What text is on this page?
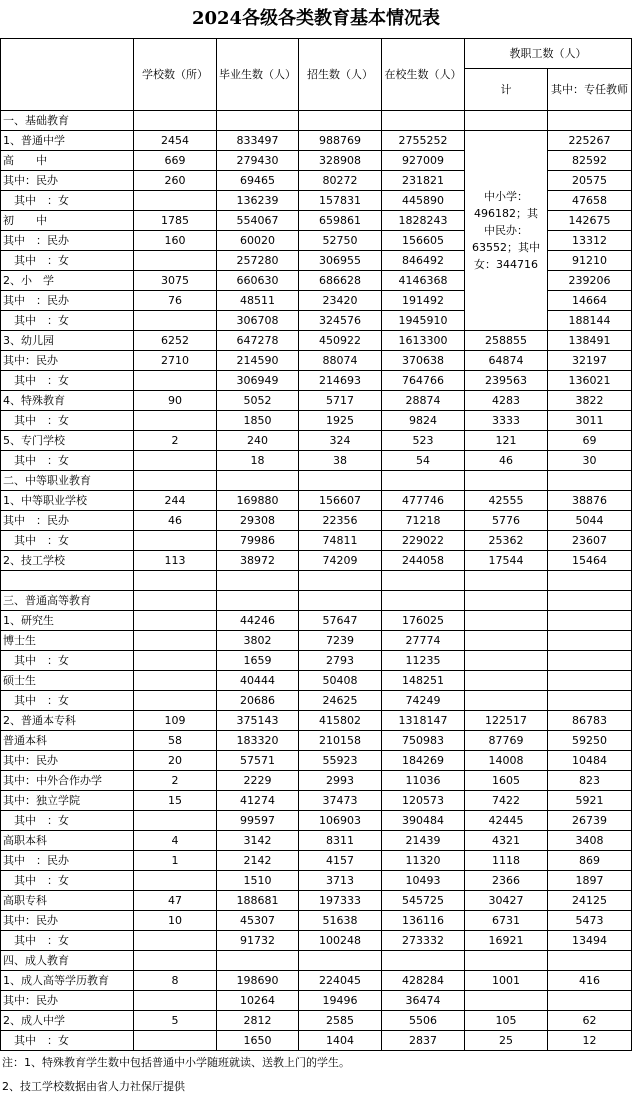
2024各级各类教育基本情况表
	学校数（所）	毕业生数（人）	招生数（人）	在校生数（人）	教职工数（人）	
					计	其中：专任教师
一、基础教育						
1、普通中学	2454	833497	988769	2755252	中小学：496182；其中民办：63552；其中女：344716	225267
高　　中	669	279430	328908	927009		82592
其中：民办	260	69465	80272	231821		20575
　其中　：女		136239	157831	445890		47658
初　　中	1785	554067	659861	1828243		142675
其中　：民办	160	60020	52750	156605		13312
　其中　：女		257280	306955	846492		91210
2、小　学	3075	660630	686628	4146368		239206
其中　：民办	76	48511	23420	191492		14664
　其中　：女		306708	324576	1945910		188144
3、幼儿园	6252	647278	450922	1613300	258855	138491
其中：民办	2710	214590	88074	370638	64874	32197
　其中　：女		306949	214693	764766	239563	136021
4、特殊教育	90	5052	5717	28874	4283	3822
　其中　：女		1850	1925	9824	3333	3011
5、专门学校	2	240	324	523	121	69
　其中　：女		18	38	54	46	30
二、中等职业教育						
1、中等职业学校	244	169880	156607	477746	42555	38876
其中　：民办	46	29308	22356	71218	5776	5044
　其中　：女		79986	74811	229022	25362	23607
2、技工学校	113	38972	74209	244058	17544	15464

三、普通高等教育						
1、研究生		44246	57647	176025		
博士生		3802	7239	27774		
　其中　：女		1659	2793	11235		
硕士生		40444	50408	148251		
　其中　：女		20686	24625	74249		
2、普通本专科	109	375143	415802	1318147	122517	86783
普通本科	58	183320	210158	750983	87769	59250
其中：民办	20	57571	55923	184269	14008	10484
其中：中外合作办学	2	2229	2993	11036	1605	823
其中：独立学院	15	41274	37473	120573	7422	5921
　其中　：女		99597	106903	390484	42445	26739
高职本科	4	3142	8311	21439	4321	3408
其中　：民办	1	2142	4157	11320	1118	869
　其中　：女		1510	3713	10493	2366	1897
高职专科	47	188681	197333	545725	30427	24125
其中：民办	10	45307	51638	136116	6731	5473
　其中　：女		91732	100248	273332	16921	13494
四、成人教育						
1、成人高等学历教育	8	198690	224045	428284	1001	416
其中：民办		10264	19496	36474		
2、成人中学	5	2812	2585	5506	105	62
　其中　：女		1650	1404	2837	25	12
注：1、特殊教育学生数中包括普通中小学随班就读、送教上门的学生。
2、技工学校数据由省人力社保厅提供
